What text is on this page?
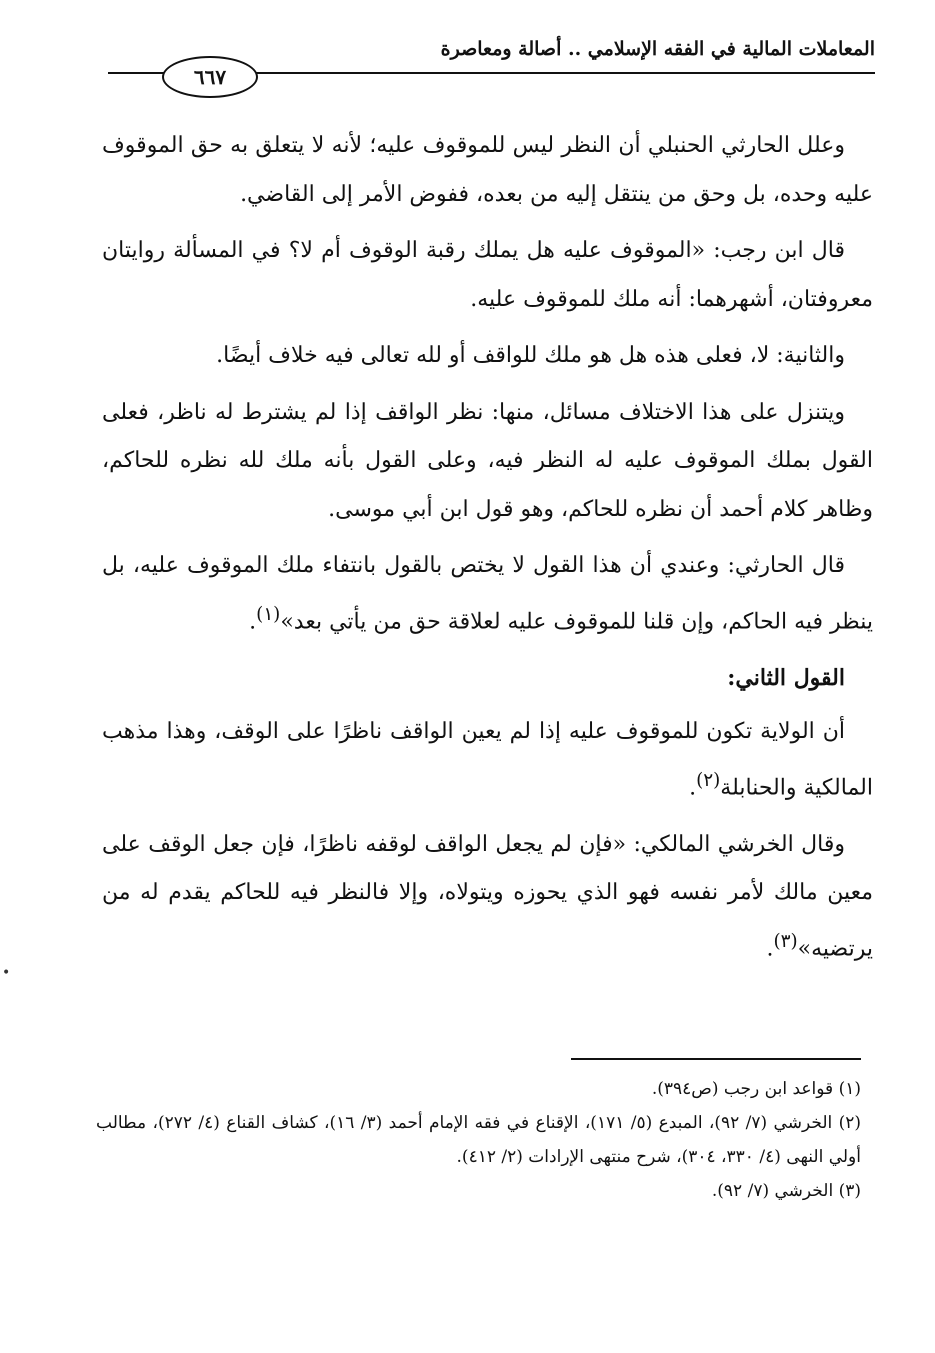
المعاملات المالية في الفقه الإسلامي .. أصالة ومعاصرة
٦٦٧

وعلل الحارثي الحنبلي أن النظر ليس للموقوف عليه؛ لأنه لا يتعلق به حق الموقوف عليه وحده، بل وحق من ينتقل إليه من بعده، ففوض الأمر إلى القاضي.

قال ابن رجب: «الموقوف عليه هل يملك رقبة الوقوف أم لا؟ في المسألة روايتان معروفتان، أشهرهما: أنه ملك للموقوف عليه.

والثانية: لا، فعلى هذه هل هو ملك للواقف أو لله تعالى فيه خلاف أيضًا.

ويتنزل على هذا الاختلاف مسائل، منها: نظر الواقف إذا لم يشترط له ناظر، فعلى القول بملك الموقوف عليه له النظر فيه، وعلى القول بأنه ملك لله نظره للحاكم، وظاهر كلام أحمد أن نظره للحاكم، وهو قول ابن أبي موسى.

قال الحارثي: وعندي أن هذا القول لا يختص بالقول بانتفاء ملك الموقوف عليه، بل ينظر فيه الحاكم، وإن قلنا للموقوف عليه لعلاقة حق من يأتي بعد»$^{(١)}$.

القول الثاني:

أن الولاية تكون للموقوف عليه إذا لم يعين الواقف ناظرًا على الوقف، وهذا مذهب المالكية والحنابلة$^{(٢)}$.

وقال الخرشي المالكي: «فإن لم يجعل الواقف لوقفه ناظرًا، فإن جعل الوقف على معين مالك لأمر نفسه فهو الذي يحوزه ويتولاه، وإلا فالنظر فيه للحاكم يقدم له من يرتضيه»$^{(٣)}$.

(١) قواعد ابن رجب (ص٣٩٤).

(٢) الخرشي (٧/ ٩٢)، المبدع (٥/ ١٧١)، الإقناع في فقه الإمام أحمد (٣/ ١٦)، كشاف القناع (٤/ ٢٧٢)، مطالب أولي النهى (٤/ ٣٣٠، ٣٠٤)، شرح منتهى الإرادات (٢/ ٤١٢).

(٣) الخرشي (٧/ ٩٢).

•
